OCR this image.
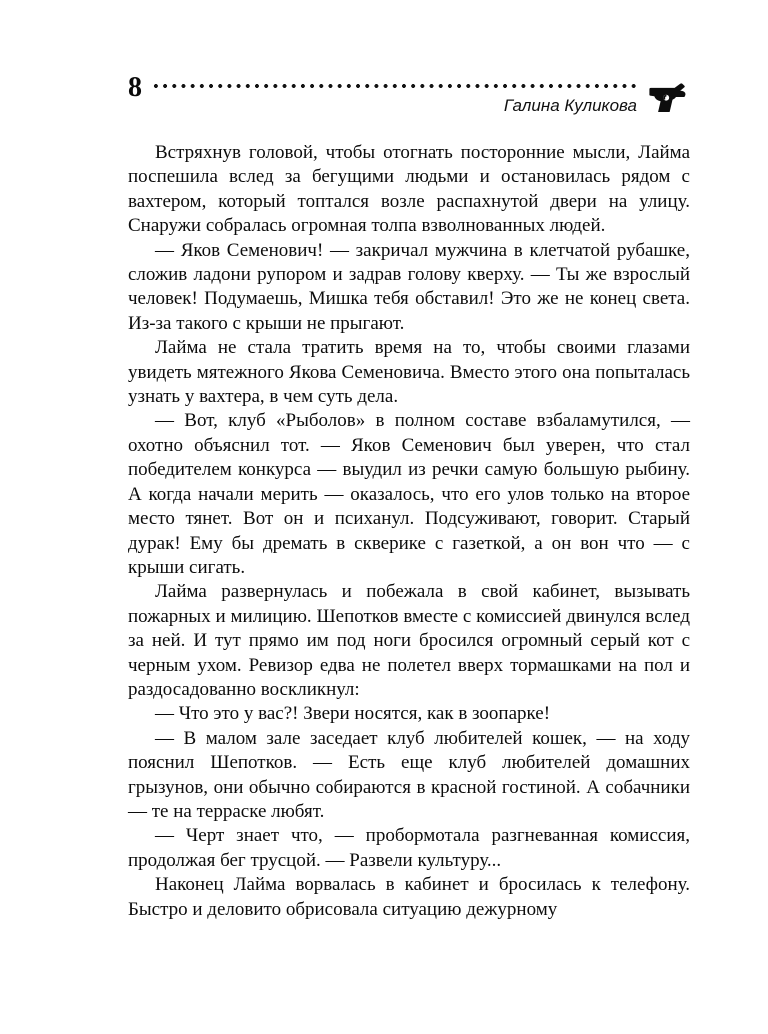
8
Галина Куликова

Встряхнув головой, чтобы отогнать посторонние мысли, Лайма поспешила вслед за бегущими людьми и остановилась рядом с вахтером, который топтался возле распахнутой двери на улицу. Снаружи собралась огромная толпа взволнованных людей.

— Яков Семенович! — закричал мужчина в клетчатой рубашке, сложив ладони рупором и задрав голову кверху. — Ты же взрослый человек! Подумаешь, Мишка тебя обставил! Это же не конец света. Из-за такого с крыши не прыгают.

Лайма не стала тратить время на то, чтобы своими глазами увидеть мятежного Якова Семеновича. Вместо этого она попыталась узнать у вахтера, в чем суть дела.

— Вот, клуб «Рыболов» в полном составе взбаламутился, — охотно объяснил тот. — Яков Семенович был уверен, что стал победителем конкурса — выудил из речки самую большую рыбину. А когда начали мерить — оказалось, что его улов только на второе место тянет. Вот он и психанул. Подсуживают, говорит. Старый дурак! Ему бы дремать в скверике с газеткой, а он вон что — с крыши сигать.

Лайма развернулась и побежала в свой кабинет, вызывать пожарных и милицию. Шепотков вместе с комиссией двинулся вслед за ней. И тут прямо им под ноги бросился огромный серый кот с черным ухом. Ревизор едва не полетел вверх тормашками на пол и раздосадованно воскликнул:

— Что это у вас?! Звери носятся, как в зоопарке!

— В малом зале заседает клуб любителей кошек, — на ходу пояснил Шепотков. — Есть еще клуб любителей домашних грызунов, они обычно собираются в красной гостиной. А собачники — те на терраске любят.

— Черт знает что, — пробормотала разгневанная комиссия, продолжая бег трусцой. — Развели культуру...

Наконец Лайма ворвалась в кабинет и бросилась к телефону. Быстро и деловито обрисовала ситуацию дежурному
